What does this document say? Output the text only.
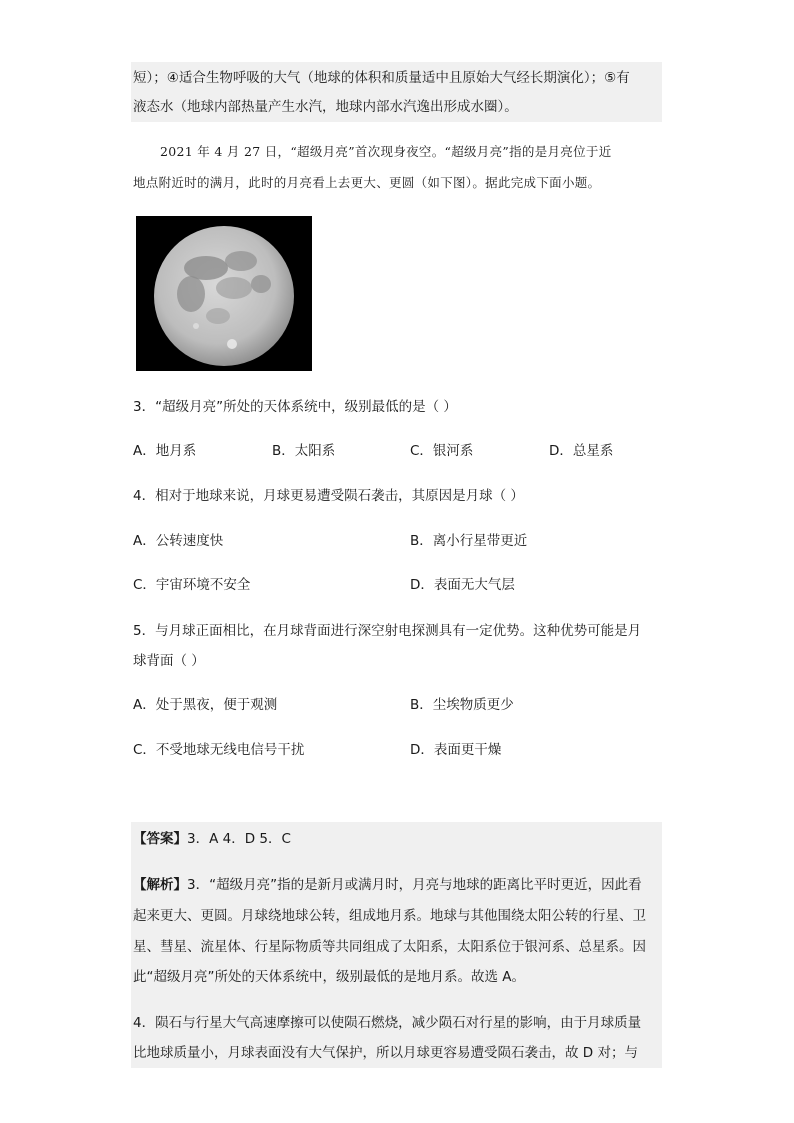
短）；④适合生物呼吸的大气（地球的体积和质量适中且原始大气经长期演化）；⑤有
液态水（地球内部热量产生水汽，地球内部水汽逸出形成水圈）。
2021 年 4 月 27 日，“超级月亮”首次现身夜空。“超级月亮”指的是月亮位于近
地点附近时的满月，此时的月亮看上去更大、更圆（如下图）。据此完成下面小题。
3．“超级月亮”所处的天体系统中，级别最低的是（ ）
A．地月系	B．太阳系	C．银河系	D．总星系
4．相对于地球来说，月球更易遭受陨石袭击，其原因是月球（ ）
A．公转速度快	B．离小行星带更近
C．宇宙环境不安全	D．表面无大气层
5．与月球正面相比，在月球背面进行深空射电探测具有一定优势。这种优势可能是月
球背面（ ）
A．处于黑夜，便于观测	B．尘埃物质更少
C．不受地球无线电信号干扰	D．表面更干燥
【答案】3．A 4．D 5．C
【解析】3．“超级月亮”指的是新月或满月时，月亮与地球的距离比平时更近，因此看
起来更大、更圆。月球绕地球公转，组成地月系。地球与其他围绕太阳公转的行星、卫
星、彗星、流星体、行星际物质等共同组成了太阳系，太阳系位于银河系、总星系。因
此“超级月亮”所处的天体系统中，级别最低的是地月系。故选 A。
4．陨石与行星大气高速摩擦可以使陨石燃烧，减少陨石对行星的影响，由于月球质量
比地球质量小，月球表面没有大气保护，所以月球更容易遭受陨石袭击，故 D 对；与
